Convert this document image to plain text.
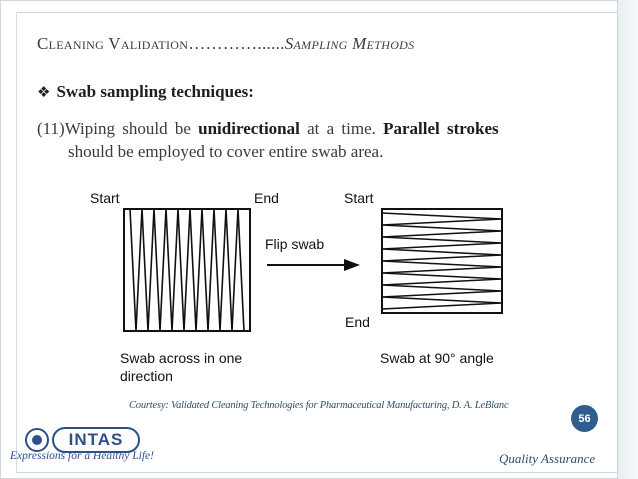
Cleaning Validation…………......Sampling Methods
❖ Swab sampling techniques:
(11)Wiping should be unidirectional at a time. Parallel strokes
should be employed to cover entire swab area.
Start	End
Flip swab
Start
End
Swab across in one
direction
Swab at 90° angle
Courtesy: Validated Cleaning Technologies for Pharmaceutical Manufacturing, D. A. LeBlanc
56
INTAS
Expressions for a Healthy Life!	Quality Assurance
